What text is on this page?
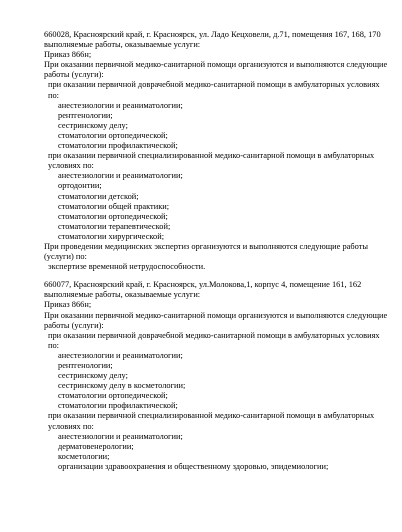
660028, Красноярский край, г. Красноярск, ул. Ладо Кецховели, д.71, помещения 167, 168, 170

выполняемые работы, оказываемые услуги:

Приказ 866н;

При оказании первичной медико-санитарной помощи организуются и выполняются следующие работы (услуги):

при оказании первичной доврачебной медико-санитарной помощи в амбулаторных условиях по:

анестезиологии и реаниматологии;

рентгенологии;

сестринскому делу;

стоматологии ортопедической;

стоматологии профилактической;

при оказании первичной специализированной медико-санитарной помощи в амбулаторных условиях по:

анестезиологии и реаниматологии;

ортодонтии;

стоматологии детской;

стоматологии общей практики;

стоматологии ортопедической;

стоматологии терапевтической;

стоматологии хирургической;

При проведении медицинских экспертиз организуются и выполняются следующие работы (услуги) по:

экспертизе временной нетрудоспособности.

660077, Красноярский край, г. Красноярск, ул.Молокова,1, корпус 4, помещение 161, 162

выполняемые работы, оказываемые услуги:

Приказ 866н;

При оказании первичной медико-санитарной помощи организуются и выполняются следующие работы (услуги):

при оказании первичной доврачебной медико-санитарной помощи в амбулаторных условиях по:

анестезиологии и реаниматологии;

рентгенологии;

сестринскому делу;

сестринскому делу в косметологии;

стоматологии ортопедической;

стоматологии профилактической;

при оказании первичной специализированной медико-санитарной помощи в амбулаторных условиях по:

анестезиологии и реаниматологии;

дерматовенерологии;

косметологии;

организации здравоохранения и общественному здоровью, эпидемиологии;
